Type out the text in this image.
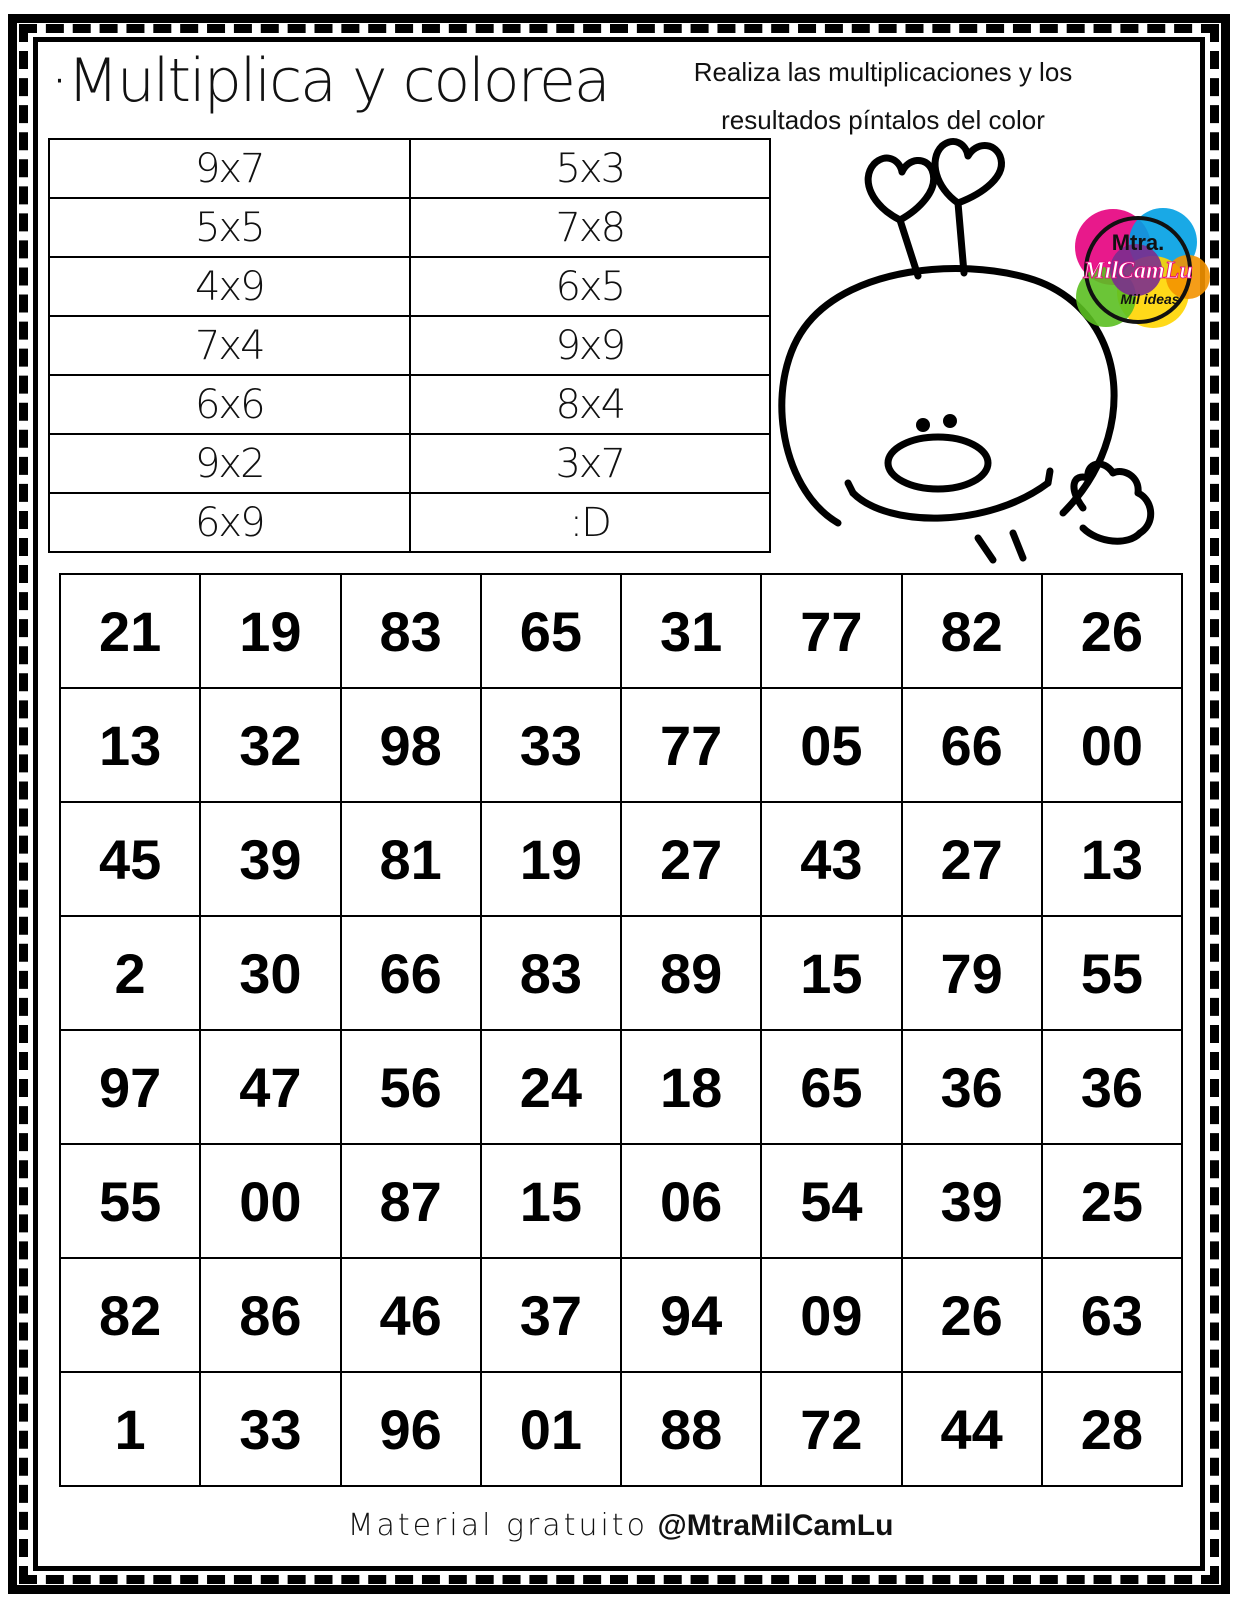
·Multiplica y colorea	Realiza las multiplicaciones y los
resultados píntalos del color
9x7	5x3
5x5	7x8
4x9	6x5
7x4	9x9
6x6	8x4
9x2	3x7
6x9	:D
Mtra.
MilCamLu
Mil ideas
21	19	83	65	31	77	82	26
13	32	98	33	77	05	66	00
45	39	81	19	27	43	27	13
2	30	66	83	89	15	79	55
97	47	56	24	18	65	36	36
55	00	87	15	06	54	39	25
82	86	46	37	94	09	26	63
1	33	96	01	88	72	44	28
Material gratuito @MtraMilCamLu
